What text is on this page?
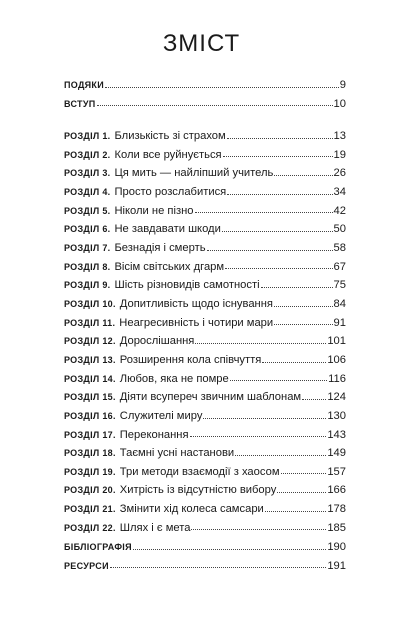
ЗМІСТ
ПОДЯКИ	9
ВСТУП	10
РОЗДІЛ 1. Близькість зі страхом	13
РОЗДІЛ 2. Коли все руйнується	19
РОЗДІЛ 3. Ця мить — найліпший учитель	26
РОЗДІЛ 4. Просто розслабитися	34
РОЗДІЛ 5. Ніколи не пізно	42
РОЗДІЛ 6. Не завдавати шкоди	50
РОЗДІЛ 7. Безнадія і смерть	58
РОЗДІЛ 8. Вісім світських дгарм	67
РОЗДІЛ 9. Шість різновидів самотності	75
РОЗДІЛ 10. Допитливість щодо існування	84
РОЗДІЛ 11. Неагресивність і чотири мари	91
РОЗДІЛ 12. Дорослішання	101
РОЗДІЛ 13. Розширення кола співчуття	106
РОЗДІЛ 14. Любов, яка не помре	116
РОЗДІЛ 15. Діяти всупереч звичним шаблонам 124
РОЗДІЛ 16. Служителі миру	130
РОЗДІЛ 17. Переконання	143
РОЗДІЛ 18. Таємні усні настанови	149
РОЗДІЛ 19. Три методи взаємодії з хаосом	157
РОЗДІЛ 20. Хитрість із відсутністю вибору	166
РОЗДІЛ 21. Змінити хід колеса самсари	178
РОЗДІЛ 22. Шлях і є мета	185
БІБЛІОГРАФІЯ	190
РЕСУРСИ	191
